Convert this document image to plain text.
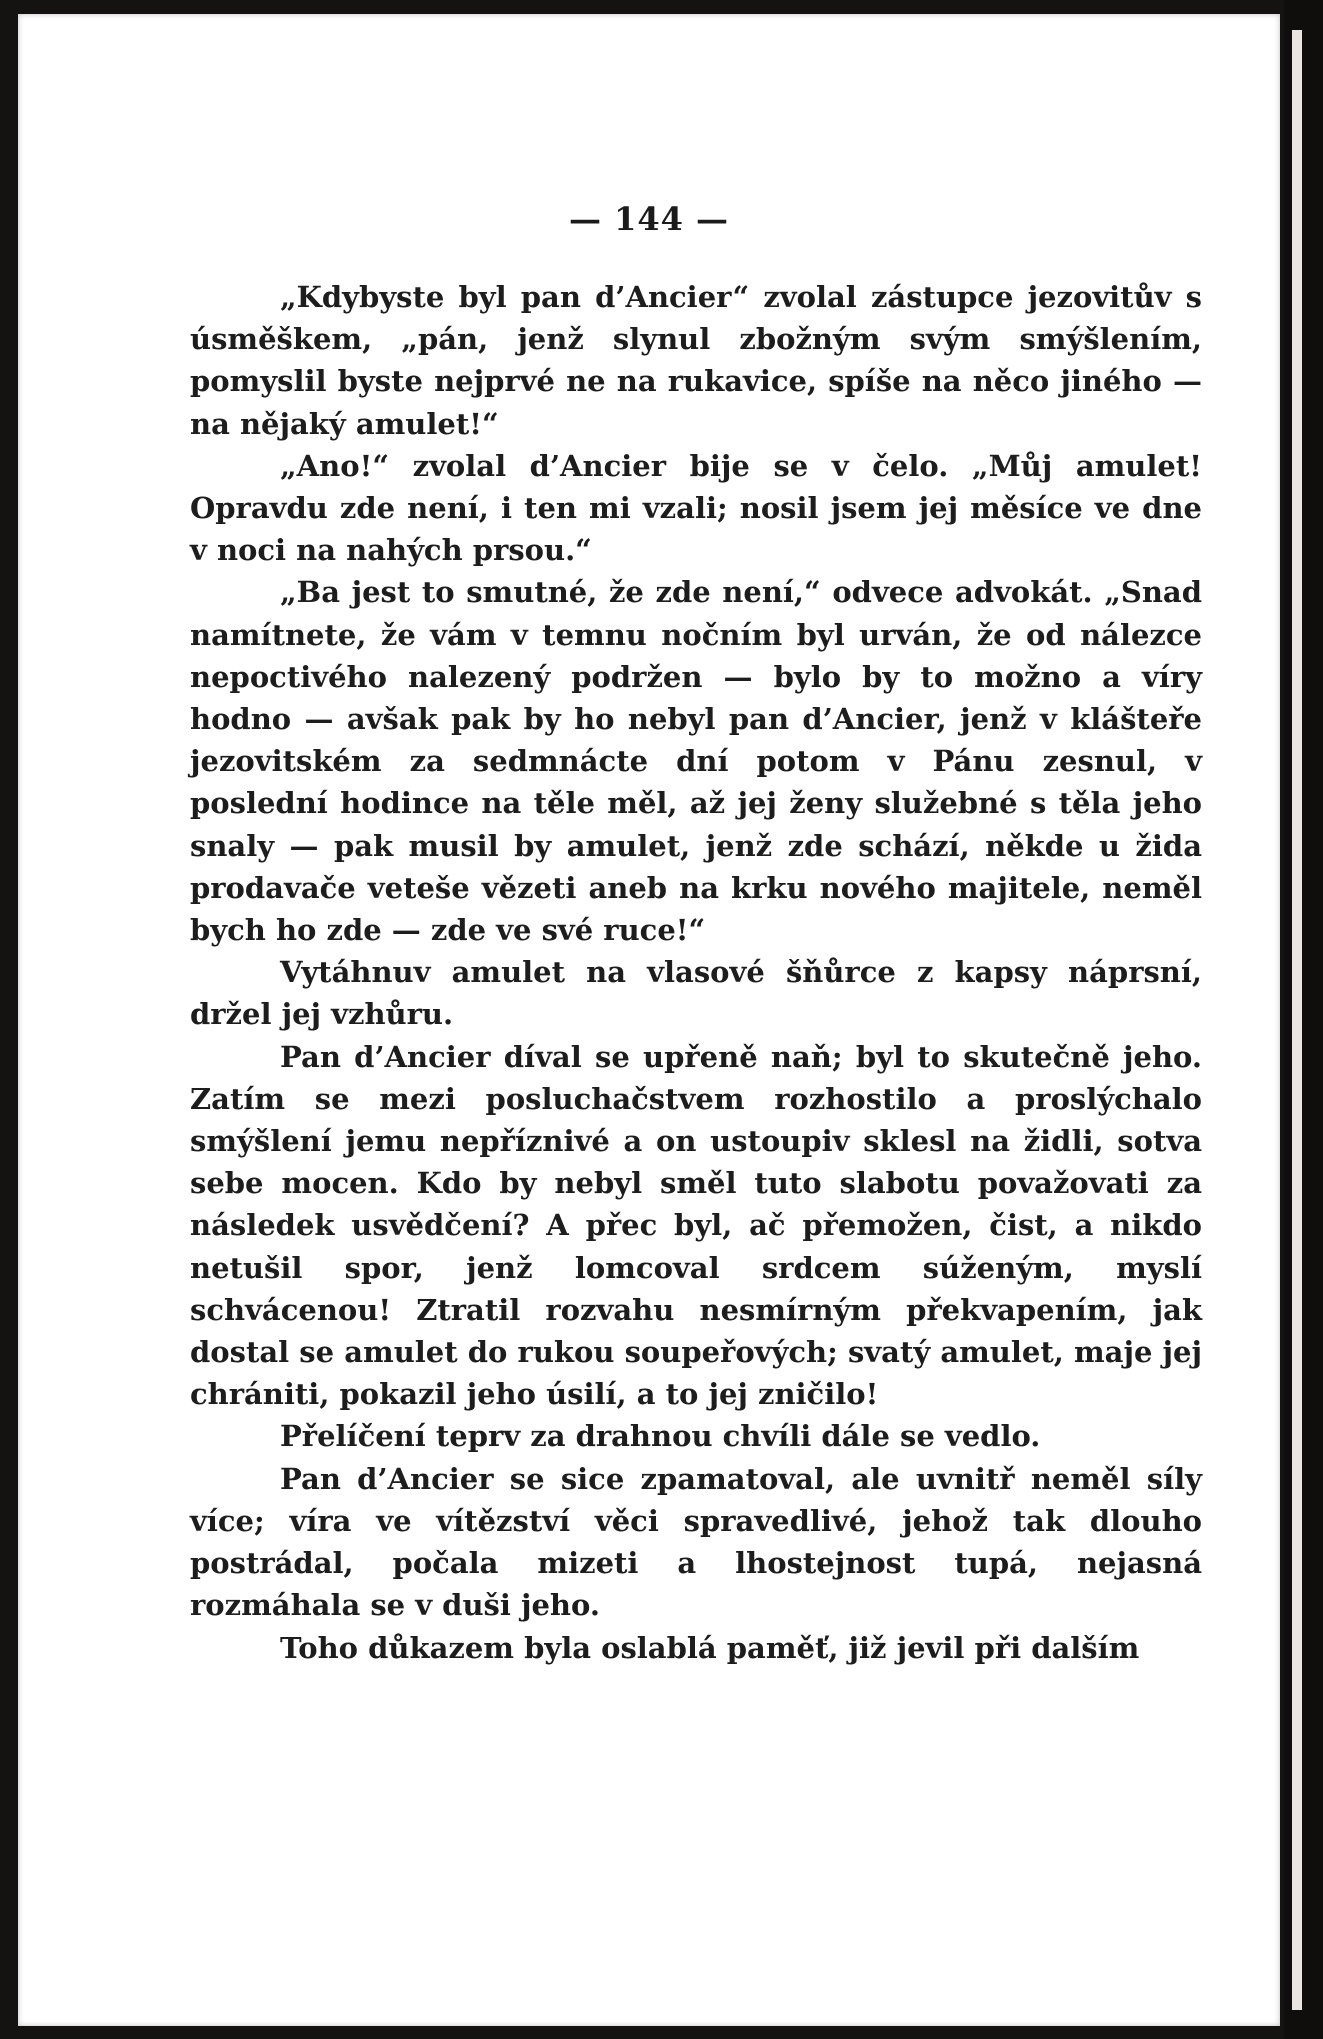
— 144 —

„Kdybyste byl pan d’Ancier“ zvolal zástupce jezovitův s úsměškem, „pán, jenž slynul zbožným svým smýšlením, pomyslil byste nejprvé ne na rukavice, spíše na něco jiného — na nějaký amulet!“

„Ano!“ zvolal d’Ancier bije se v čelo. „Můj amulet! Opravdu zde není, i ten mi vzali; nosil jsem jej měsíce ve dne v noci na nahých prsou.“

„Ba jest to smutné, že zde není,“ odvece advokát. „Snad namítnete, že vám v temnu nočním byl urván, že od nálezce nepoctivého nalezený podržen — bylo by to možno a víry hodno — avšak pak by ho nebyl pan d’Ancier, jenž v klášteře jezovitském za sedmnácte dní potom v Pánu zesnul, v poslední hodince na těle měl, až jej ženy služebné s těla jeho snaly — pak musil by amulet, jenž zde schází, někde u žida prodavače veteše vězeti aneb na krku nového majitele, neměl bych ho zde — zde ve své ruce!“

Vytáhnuv amulet na vlasové šňůrce z kapsy náprsní, držel jej vzhůru.

Pan d’Ancier díval se upřeně naň; byl to skutečně jeho. Zatím se mezi posluchačstvem rozhostilo a proslýchalo smýšlení jemu nepříznivé a on ustoupiv sklesl na židli, sotva sebe mocen. Kdo by nebyl směl tuto slabotu považovati za následek usvědčení? A přec byl, ač přemožen, čist, a nikdo netušil spor, jenž lomcoval srdcem súženým, myslí schvácenou! Ztratil rozvahu nesmírným překvapením, jak dostal se amulet do rukou soupeřových; svatý amulet, maje jej chrániti, pokazil jeho úsilí, a to jej zničilo!

Přelíčení teprv za drahnou chvíli dále se vedlo.

Pan d’Ancier se sice zpamatoval, ale uvnitř neměl síly více; víra ve vítězství věci spravedlivé, jehož tak dlouho postrádal, počala mizeti a lhostejnost tupá, nejasná rozmáhala se v duši jeho.

Toho důkazem byla oslablá paměť, již jevil při dalším
